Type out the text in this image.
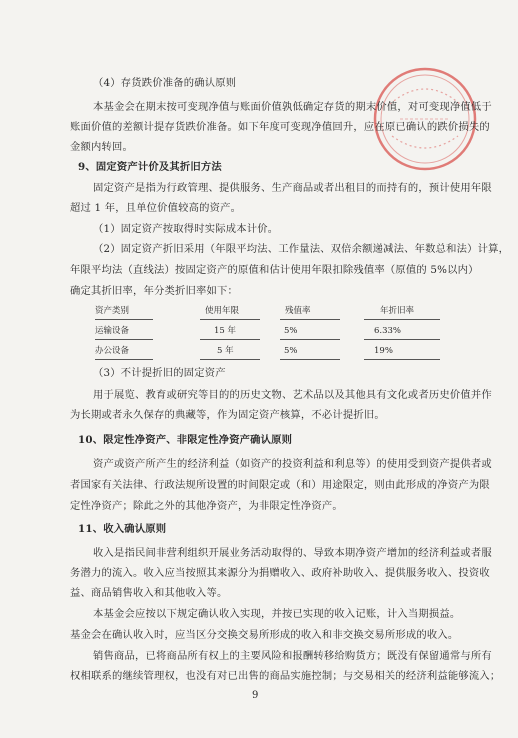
（4）存货跌价准备的确认原则
本基金会在期末按可变现净值与账面价值孰低确定存货的期末价值，对可变现净值低于
账面价值的差额计提存货跌价准备。如下年度可变现净值回升，应在原已确认的跌价损失的
金额内转回。
9、固定资产计价及其折旧方法
固定资产是指为行政管理、提供服务、生产商品或者出租目的而持有的，预计使用年限
超过 1 年，且单位价值较高的资产。
（1）固定资产按取得时实际成本计价。
（2）固定资产折旧采用（年限平均法、工作量法、双倍余额递减法、年数总和法）计算，
年限平均法（直线法）按固定资产的原值和估计使用年限扣除残值率（原值的 5%以内）
确定其折旧率，年分类折旧率如下：
资产类别	使用年限	残值率	年折旧率
运输设备	15 年	5%	6.33%
办公设备	5 年	5%	19%
（3）不计提折旧的固定资产
用于展览、教育或研究等目的的历史文物、艺术品以及其他具有文化或者历史价值并作
为长期或者永久保存的典藏等，作为固定资产核算，不必计提折旧。
10、限定性净资产、非限定性净资产确认原则
资产或资产所产生的经济利益（如资产的投资利益和利息等）的使用受到资产提供者或
者国家有关法律、行政法规所设置的时间限定或（和）用途限定，则由此形成的净资产为限
定性净资产；除此之外的其他净资产，为非限定性净资产。
11、收入确认原则
收入是指民间非营利组织开展业务活动取得的、导致本期净资产增加的经济利益或者服
务潜力的流入。收入应当按照其来源分为捐赠收入、政府补助收入、提供服务收入、投资收
益、商品销售收入和其他收入等。
本基金会应按以下规定确认收入实现，并按已实现的收入记账，计入当期损益。
基金会在确认收入时，应当区分交换交易所形成的收入和非交换交易所形成的收入。
销售商品，已将商品所有权上的主要风险和报酬转移给购货方；既没有保留通常与所有
权相联系的继续管理权，也没有对已出售的商品实施控制；与交易相关的经济利益能够流入；
9
